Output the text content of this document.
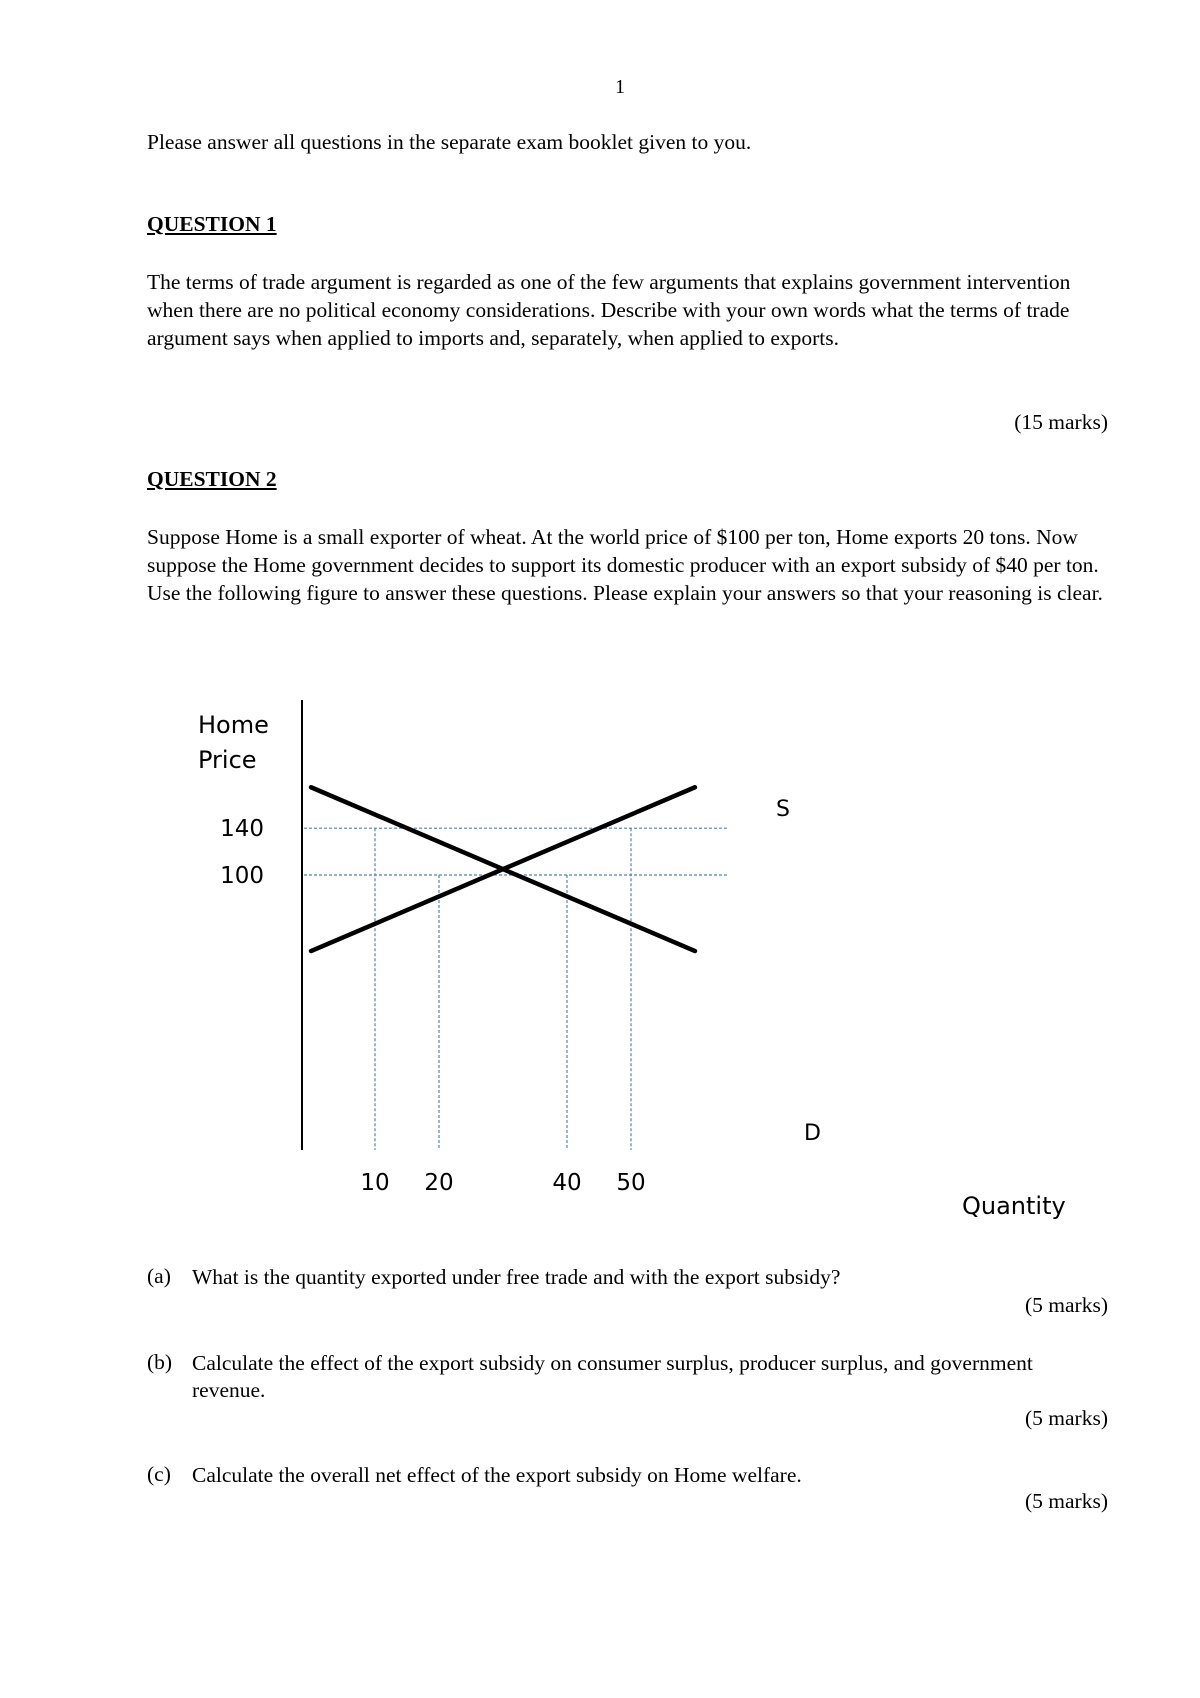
1
Please answer all questions in the separate exam booklet given to you.
QUESTION 1
The terms of trade argument is regarded as one of the few arguments that explains government intervention when there are no political economy considerations. Describe with your own words what the terms of trade argument says when applied to imports and, separately, when applied to exports.
(15 marks)
QUESTION 2
Suppose Home is a small exporter of wheat. At the world price of $100 per ton, Home exports 20 tons. Now suppose the Home government decides to support its domestic producer with an export subsidy of $40 per ton. Use the following figure to answer these questions. Please explain your answers so that your reasoning is clear.
140
100
10 20	40 50
Home
Price
Quantity
S
D
(a) What is the quantity exported under free trade and with the export subsidy?
(5 marks)
(b) Calculate the effect of the export subsidy on consumer surplus, producer surplus, and government revenue.
(5 marks)
(c) Calculate the overall net effect of the export subsidy on Home welfare.
(5 marks)
